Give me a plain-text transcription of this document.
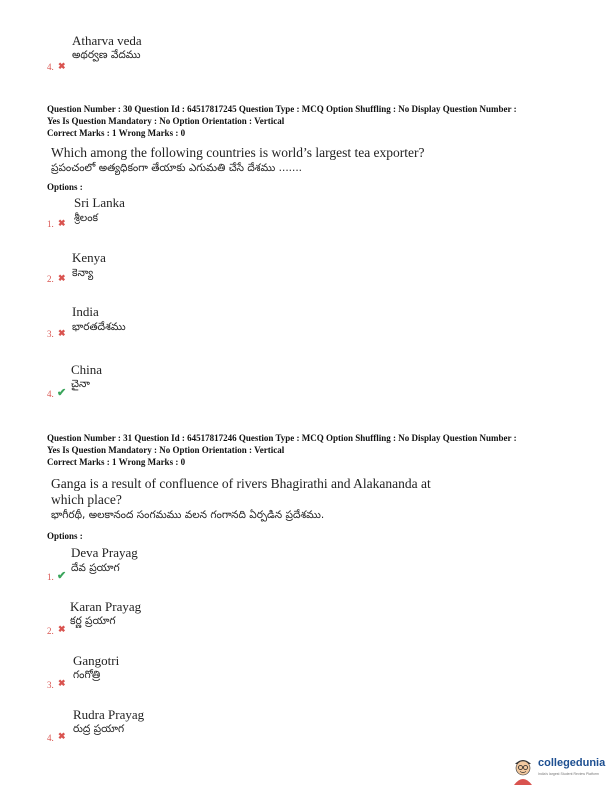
Atharva veda
అథర్వణ వేదము
4. ✖
Question Number : 30 Question Id : 64517817245 Question Type : MCQ Option Shuffling : No Display Question Number :
Yes Is Question Mandatory : No Option Orientation : Vertical
Correct Marks : 1 Wrong Marks : 0
Which among the following countries is world’s largest tea exporter?
ప్రపంచంలో అత్యధికంగా తేయాకు ఎగుమతి చేసే దేశము .......
Options :
Sri Lanka
శ్రీలంక
1. ✖
Kenya
కెన్యా
2. ✖
India
భారతదేశము
3. ✖
China
చైనా
4. ✔
Question Number : 31 Question Id : 64517817246 Question Type : MCQ Option Shuffling : No Display Question Number :
Yes Is Question Mandatory : No Option Orientation : Vertical
Correct Marks : 1 Wrong Marks : 0
Ganga is a result of confluence of rivers Bhagirathi and Alakananda at
which place?
భాగీరథీ, అలకానంద సంగమము వలన గంగానది ఏర్పడిన ప్రదేశము.
Options :
Deva Prayag
దేవ ప్రయాగ
1. ✔
Karan Prayag
కర్ణ ప్రయాగ
2. ✖
Gangotri
గంగోత్రి
3. ✖
Rudra Prayag
రుద్ర ప్రయాగ
4. ✖
collegedunia
India's largest Student Review Platform
